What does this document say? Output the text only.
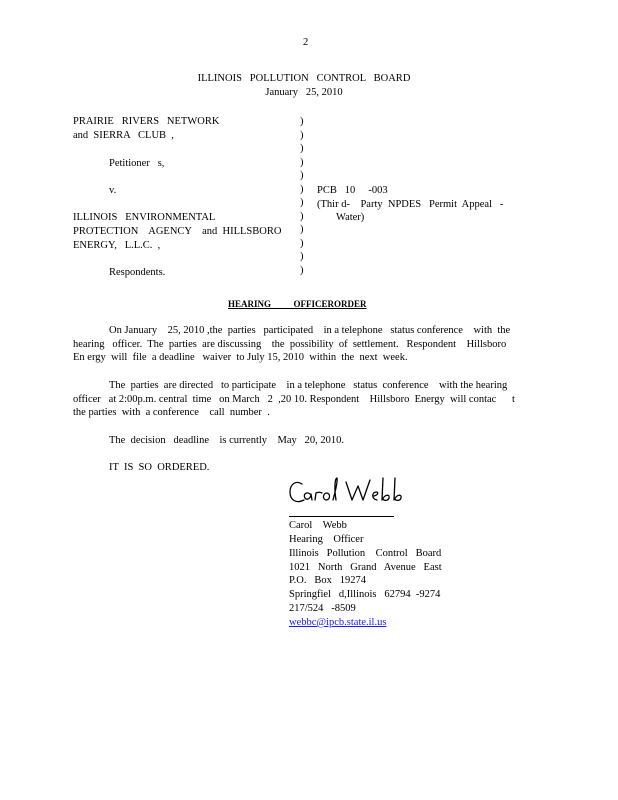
2
ILLINOIS   POLLUTION   CONTROL   BOARD
January   25, 2010
PRAIRIE   RIVERS   NETWORK
and  SIERRA   CLUB  ,
Petitioner   s,
v.
ILLINOIS   ENVIRONMENTAL
PROTECTION    AGENCY    and  HILLSBORO
ENERGY,   L.L.C.  ,
Respondents.
)
)
)
)
)
)
)
)
)
)
)
)
PCB   10     -003
(Thir d-    Party  NPDES   Permit  Appeal   -
Water)
HEARING          OFFICERORDER
On January    25, 2010 ,the  parties   participated    in a telephone   status conference    with  the
hearing   officer.  The  parties  are discussing    the  possibility  of  settlement.   Respondent    Hillsboro
En ergy  will  file  a deadline   waiver  to July 15, 2010  within  the  next  week.
The  parties  are directed   to participate    in a telephone   status  conference    with the hearing
officer   at 2:00p.m. central  time   on March   2  ,20 10. Respondent    Hillsboro  Energy  will contac      t
the parties  with  a conference    call  number  .
The  decision   deadline    is currently    May   20, 2010.
IT  IS  SO  ORDERED.
Carol    Webb
Hearing    Officer
Illinois   Pollution    Control   Board
1021   North   Grand   Avenue   East
P.O.   Box   19274
Springfiel   d,Illinois   62794  -9274
217/524   -8509
webbc@ipcb.state.il.us
